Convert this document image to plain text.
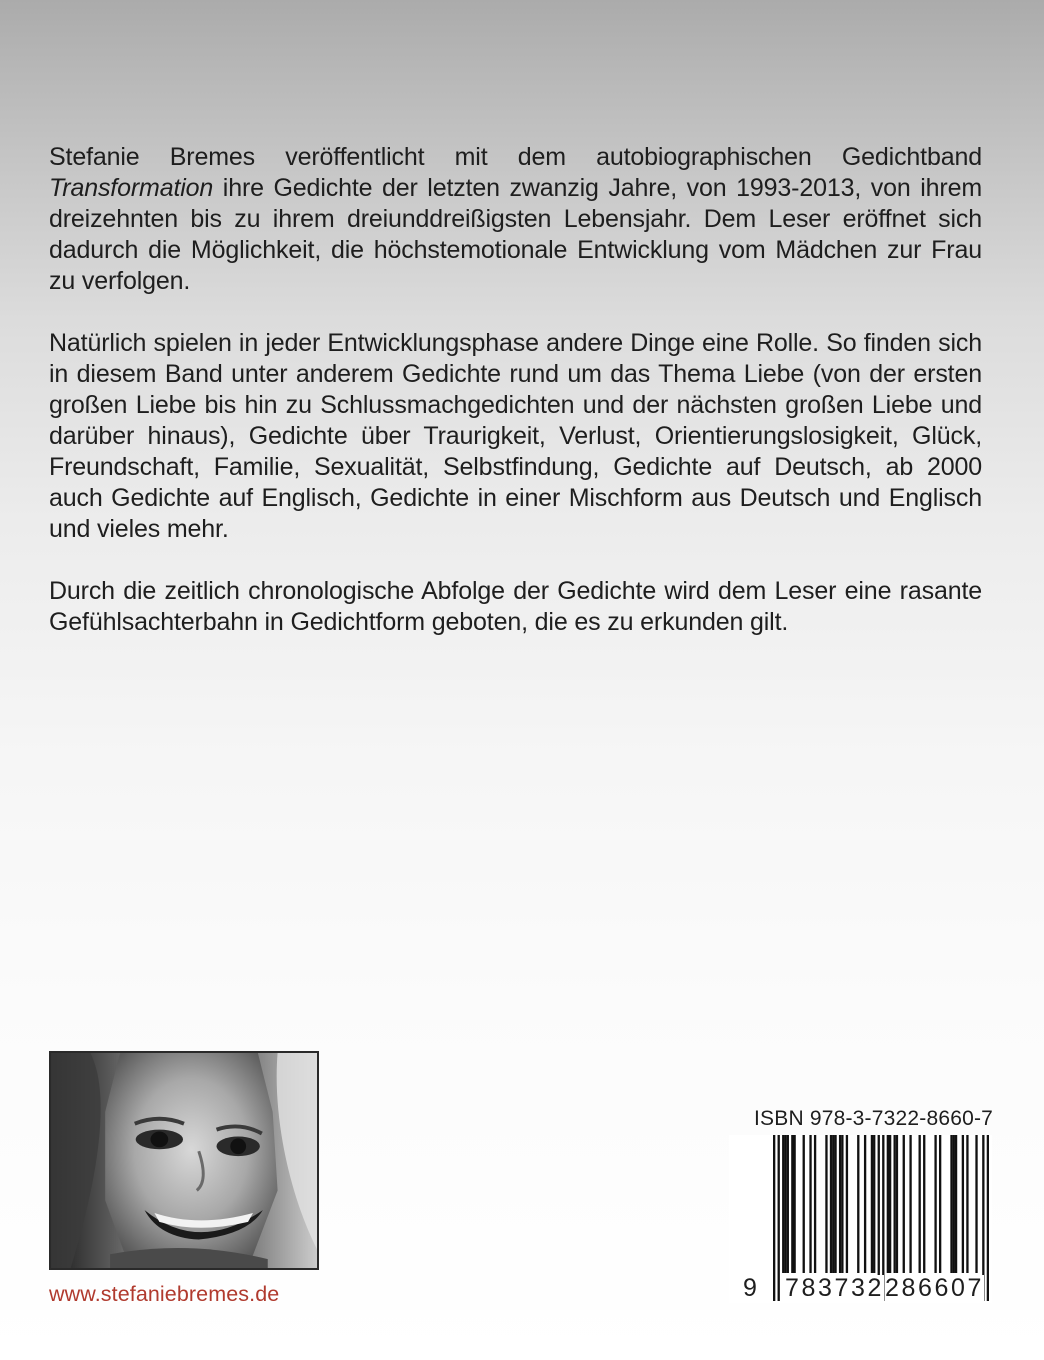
Stefanie Bremes veröffentlicht mit dem autobiographischen Gedichtband Transformation ihre Gedichte der letzten zwanzig Jahre, von 1993-2013, von ihrem dreizehnten bis zu ihrem dreiunddreißigsten Lebensjahr. Dem Leser eröffnet sich dadurch die Möglichkeit, die höchstemotionale Entwicklung vom Mädchen zur Frau zu verfolgen.

Natürlich spielen in jeder Entwicklungsphase andere Dinge eine Rolle. So finden sich in diesem Band unter anderem Gedichte rund um das Thema Liebe (von der ersten großen Liebe bis hin zu Schlussmachgedichten und der nächsten großen Liebe und darüber hinaus), Gedichte über Traurigkeit, Verlust, Orientierungslosigkeit, Glück, Freundschaft, Familie, Sexualität, Selbstfindung, Gedichte auf Deutsch, ab 2000 auch Gedichte auf Englisch, Gedichte in einer Mischform aus Deutsch und Englisch und vieles mehr.

Durch die zeitlich chronologische Abfolge der Gedichte wird dem Leser eine rasante Gefühlsachterbahn in Gedichtform geboten, die es zu erkunden gilt.

www.stefaniebremes.de
ISBN 978-3-7322-8660-7
9 783732 286607
